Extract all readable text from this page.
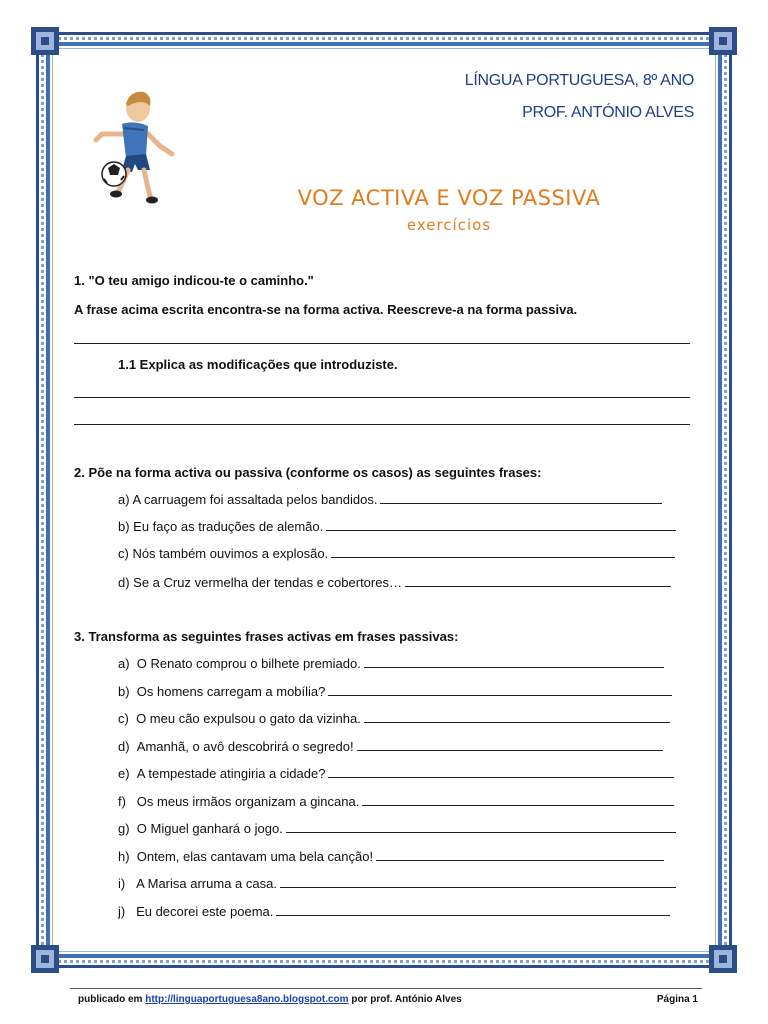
LÍNGUA PORTUGUESA, 8º ANO
PROF. ANTÓNIO ALVES
VOZ ACTIVA E VOZ PASSIVA
exercícios
1. "O teu amigo indicou-te o caminho."
A frase acima escrita encontra-se na forma activa. Reescreve-a na forma passiva.
1.1 Explica as modificações que introduziste.
2. Põe na forma activa ou passiva (conforme os casos) as seguintes frases:
a) A carruagem foi assaltada pelos bandidos.
b) Eu faço as traduções de alemão.
c) Nós também ouvimos a explosão.
d) Se a Cruz vermelha der tendas e cobertores…
3. Transforma as seguintes frases activas em frases passivas:
a) O Renato comprou o bilhete premiado.
b) Os homens carregam a mobília?
c) O meu cão expulsou o gato da vizinha.
d) Amanhã, o avô descobrirá o segredo!
e) A tempestade atingiria a cidade?
f) Os meus irmãos organizam a gincana.
g) O Miguel ganhará o jogo.
h) Ontem, elas cantavam uma bela canção!
i) A Marisa arruma a casa.
j) Eu decorei este poema.
publicado em http://linguaportuguesa8ano.blogspot.com por prof. António Alves	Página 1
